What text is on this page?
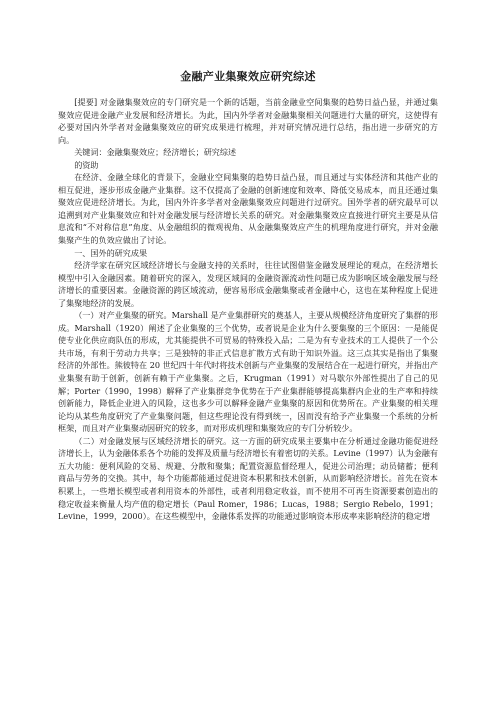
金融产业集聚效应研究综述

[提要] 对金融集聚效应的专门研究是一个新的话题，当前金融业空间集聚的趋势日益凸显，并通过集聚效应促进金融产业发展和经济增长。为此，国内外学者对金融集聚相关问题进行大量的研究，这使得有必要对国内外学者对金融集聚效应的研究成果进行梳理，并对研究情况进行总结，指出进一步研究的方向。

关键词：金融集聚效应；经济增长；研究综述

的资助

在经济、金融全球化的背景下，金融业空间集聚的趋势日益凸显，而且通过与实体经济和其他产业的相互促进，逐步形成金融产业集群。这不仅提高了金融的创新速度和效率、降低交易成本，而且还通过集聚效应促进经济增长。为此，国内外许多学者对金融集聚效应问题进行过研究。国外学者的研究最早可以追溯到对产业集聚效应和针对金融发展与经济增长关系的研究。对金融集聚效应直接进行研究主要是从信息流和“不对称信息”角度、从金融组织的微观视角、从金融集聚效应产生的机理角度进行研究，并对金融集聚产生的负效应做出了讨论。

一、国外的研究成果

经济学家在研究区域经济增长与金融支持的关系时，往往试图借鉴金融发展理论的观点，在经济增长模型中引入金融因素。随着研究的深入，发现区域间的金融资源流动性问题已成为影响区域金融发展与经济增长的重要因素。金融资源的跨区域流动，便容易形成金融集聚或者金融中心，这也在某种程度上促进了集聚地经济的发展。

（一）对产业集聚的研究。Marshall 是产业集群研究的奠基人，主要从规模经济角度研究了集群的形成。Marshall（1920）阐述了企业集聚的三个优势，或者说是企业为什么要集聚的三个原因：一是能促使专业化供应商队伍的形成，尤其能提供不可贸易的特殊投入品；二是为有专业技术的工人提供了一个公共市场，有利于劳动力共享；三是独特的非正式信息扩散方式有助于知识外溢。这三点其实是指出了集聚经济的外部性。熊彼特在 20 世纪四十年代时将技术创新与产业集聚的发展结合在一起进行研究，并指出产业集聚有助于创新，创新有赖于产业集聚。之后，Krugman（1991）对马歇尔外部性提出了自己的见解；Porter（1990，1998）解释了产业集群竞争优势在于产业集群能够提高集群内企业的生产率和持续创新能力，降低企业进入的风险，这也多少可以解释金融产业集聚的原因和优势所在。产业集聚的相关理论均从某些角度研究了产业集聚问题，但这些理论没有得到统一，因而没有给予产业集聚一个系统的分析框架，而且对产业集聚动因研究的较多，而对形成机理和集聚效应的专门分析较少。

（二）对金融发展与区域经济增长的研究。这一方面的研究成果主要集中在分析通过金融功能促进经济增长上，认为金融体系各个功能的发挥及质量与经济增长有着密切的关系。Levine（1997）认为金融有五大功能：便利风险的交易、规避、分散和聚集；配置资源监督经理人，促进公司治理；动员储蓄；便利商品与劳务的交换。其中，每个功能都能通过促进资本积累和技术创新，从而影响经济增长。首先在资本积累上，一些增长模型或者利用资本的外部性，或者利用稳定收益，而不使用不可再生资源要素创造出的稳定收益来衡量人均产值的稳定增长（Paul Romer，1986；Lucas，1988；Sergio Rebelo，1991；Levine，1999，2000）。在这些模型中，金融体系发挥的功能通过影响资本形成率来影响经济的稳定增
